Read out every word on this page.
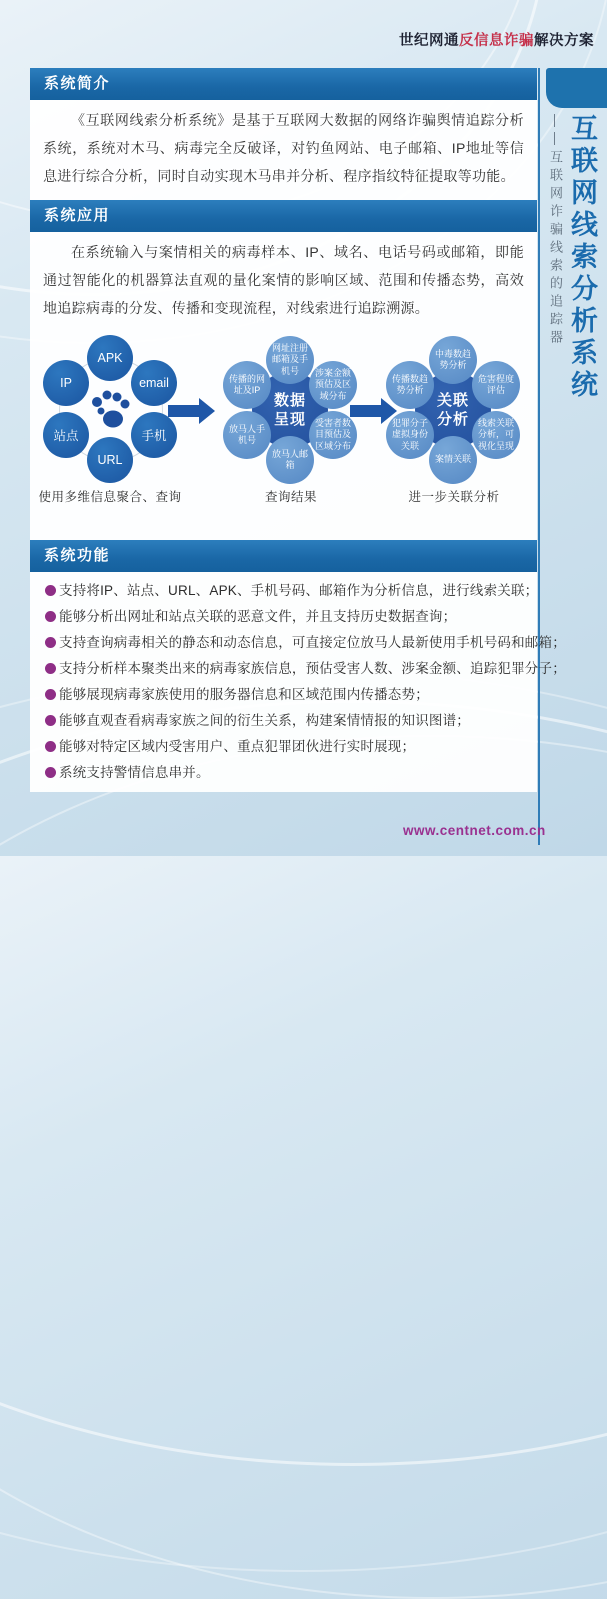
世纪网通反信息诈骗解决方案
互联网线索分析系统
——互联网诈骗线索的追踪器
系统简介
《互联网线索分析系统》是基于互联网大数据的网络诈骗舆情追踪分析系统，系统对木马、病毒完全反破译，对钓鱼网站、电子邮箱、IP地址等信息进行综合分析，同时自动实现木马串并分析、程序指纹特征提取等功能。
系统应用
在系统输入与案情相关的病毒样本、IP、域名、电话号码或邮箱，即能通过智能化的机器算法直观的量化案情的影响区域、范围和传播态势，高效地追踪病毒的分发、传播和变现流程，对线索进行追踪溯源。
APK
email
手机
URL
站点
IP
数据呈现
网址注册邮箱及手机号	涉案金额预估及区域分布
受害者数目预估及区域分布
放马人邮箱
放马人手机号
传播的网址及IP
关联分析
中毒数趋势分析
危害程度评估
线索关联分析，可视化呈现
案情关联
犯罪分子虚拟身份关联
传播数趋势分析
使用多维信息聚合、查询	查询结果	进一步关联分析
系统功能
支持将IP、站点、URL、APK、手机号码、邮箱作为分析信息，进行线索关联；
能够分析出网址和站点关联的恶意文件，并且支持历史数据查询；
支持查询病毒相关的静态和动态信息，可直接定位放马人最新使用手机号码和邮箱；
支持分析样本聚类出来的病毒家族信息，预估受害人数、涉案金额、追踪犯罪分子；
能够展现病毒家族使用的服务器信息和区域范围内传播态势；
能够直观查看病毒家族之间的衍生关系，构建案情情报的知识图谱；
能够对特定区域内受害用户、重点犯罪团伙进行实时展现；
系统支持警情信息串并。
www.centnet.com.cn
